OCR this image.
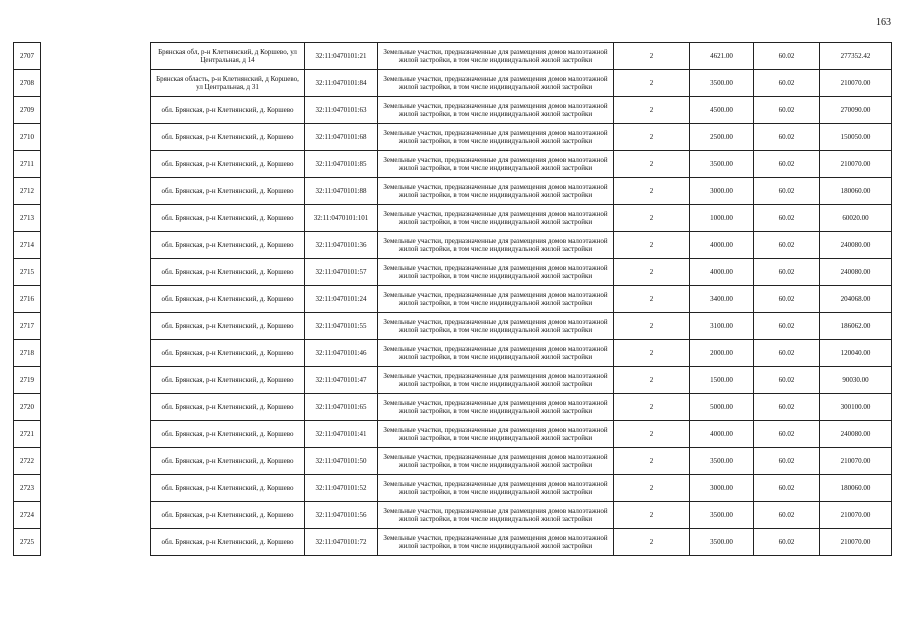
163
2707		Брянская обл, р-н Клетнянский, д Коршево, ул Центральная, д 14	32:11:0470101:21	Земельные участки, предназначенные для размещения домов малоэтажной жилой застройки, в том числе индивидуальной жилой застройки	2	4621.00	60.02	277352.42
2708		Брянская область, р-н Клетнянский, д Коршево, ул Центральная, д 31	32:11:0470101:84	Земельные участки, предназначенные для размещения домов малоэтажной жилой застройки, в том числе индивидуальной жилой застройки	2	3500.00	60.02	210070.00
2709		обл. Брянская, р-н Клетнянский, д. Коршево	32:11:0470101:63	Земельные участки, предназначенные для размещения домов малоэтажной жилой застройки, в том числе индивидуальной жилой застройки	2	4500.00	60.02	270090.00
2710		обл. Брянская, р-н Клетнянский, д. Коршево	32:11:0470101:68	Земельные участки, предназначенные для размещения домов малоэтажной жилой застройки, в том числе индивидуальной жилой застройки	2	2500.00	60.02	150050.00
2711		обл. Брянская, р-н Клетнянский, д. Коршево	32:11:0470101:85	Земельные участки, предназначенные для размещения домов малоэтажной жилой застройки, в том числе индивидуальной жилой застройки	2	3500.00	60.02	210070.00
2712		обл. Брянская, р-н Клетнянский, д. Коршево	32:11:0470101:88	Земельные участки, предназначенные для размещения домов малоэтажной жилой застройки, в том числе индивидуальной жилой застройки	2	3000.00	60.02	180060.00
2713		обл. Брянская, р-н Клетнянский, д. Коршево	32:11:0470101:101	Земельные участки, предназначенные для размещения домов малоэтажной жилой застройки, в том числе индивидуальной жилой застройки	2	1000.00	60.02	60020.00
2714		обл. Брянская, р-н Клетнянский, д. Коршево	32:11:0470101:36	Земельные участки, предназначенные для размещения домов малоэтажной жилой застройки, в том числе индивидуальной жилой застройки	2	4000.00	60.02	240080.00
2715		обл. Брянская, р-н Клетнянский, д. Коршево	32:11:0470101:57	Земельные участки, предназначенные для размещения домов малоэтажной жилой застройки, в том числе индивидуальной жилой застройки	2	4000.00	60.02	240080.00
2716		обл. Брянская, р-н Клетнянский, д. Коршево	32:11:0470101:24	Земельные участки, предназначенные для размещения домов малоэтажной жилой застройки, в том числе индивидуальной жилой застройки	2	3400.00	60.02	204068.00
2717		обл. Брянская, р-н Клетнянский, д. Коршево	32:11:0470101:55	Земельные участки, предназначенные для размещения домов малоэтажной жилой застройки, в том числе индивидуальной жилой застройки	2	3100.00	60.02	186062.00
2718		обл. Брянская, р-н Клетнянский, д. Коршево	32:11:0470101:46	Земельные участки, предназначенные для размещения домов малоэтажной жилой застройки, в том числе индивидуальной жилой застройки	2	2000.00	60.02	120040.00
2719		обл. Брянская, р-н Клетнянский, д. Коршево	32:11:0470101:47	Земельные участки, предназначенные для размещения домов малоэтажной жилой застройки, в том числе индивидуальной жилой застройки	2	1500.00	60.02	90030.00
2720		обл. Брянская, р-н Клетнянский, д. Коршево	32:11:0470101:65	Земельные участки, предназначенные для размещения домов малоэтажной жилой застройки, в том числе индивидуальной жилой застройки	2	5000.00	60.02	300100.00
2721		обл. Брянская, р-н Клетнянский, д. Коршево	32:11:0470101:41	Земельные участки, предназначенные для размещения домов малоэтажной жилой застройки, в том числе индивидуальной жилой застройки	2	4000.00	60.02	240080.00
2722		обл. Брянская, р-н Клетнянский, д. Коршево	32:11:0470101:50	Земельные участки, предназначенные для размещения домов малоэтажной жилой застройки, в том числе индивидуальной жилой застройки	2	3500.00	60.02	210070.00
2723		обл. Брянская, р-н Клетнянский, д. Коршево	32:11:0470101:52	Земельные участки, предназначенные для размещения домов малоэтажной жилой застройки, в том числе индивидуальной жилой застройки	2	3000.00	60.02	180060.00
2724		обл. Брянская, р-н Клетнянский, д. Коршево	32:11:0470101:56	Земельные участки, предназначенные для размещения домов малоэтажной жилой застройки, в том числе индивидуальной жилой застройки	2	3500.00	60.02	210070.00
2725		обл. Брянская, р-н Клетнянский, д. Коршево	32:11:0470101:72	Земельные участки, предназначенные для размещения домов малоэтажной жилой застройки, в том числе индивидуальной жилой застройки	2	3500.00	60.02	210070.00
